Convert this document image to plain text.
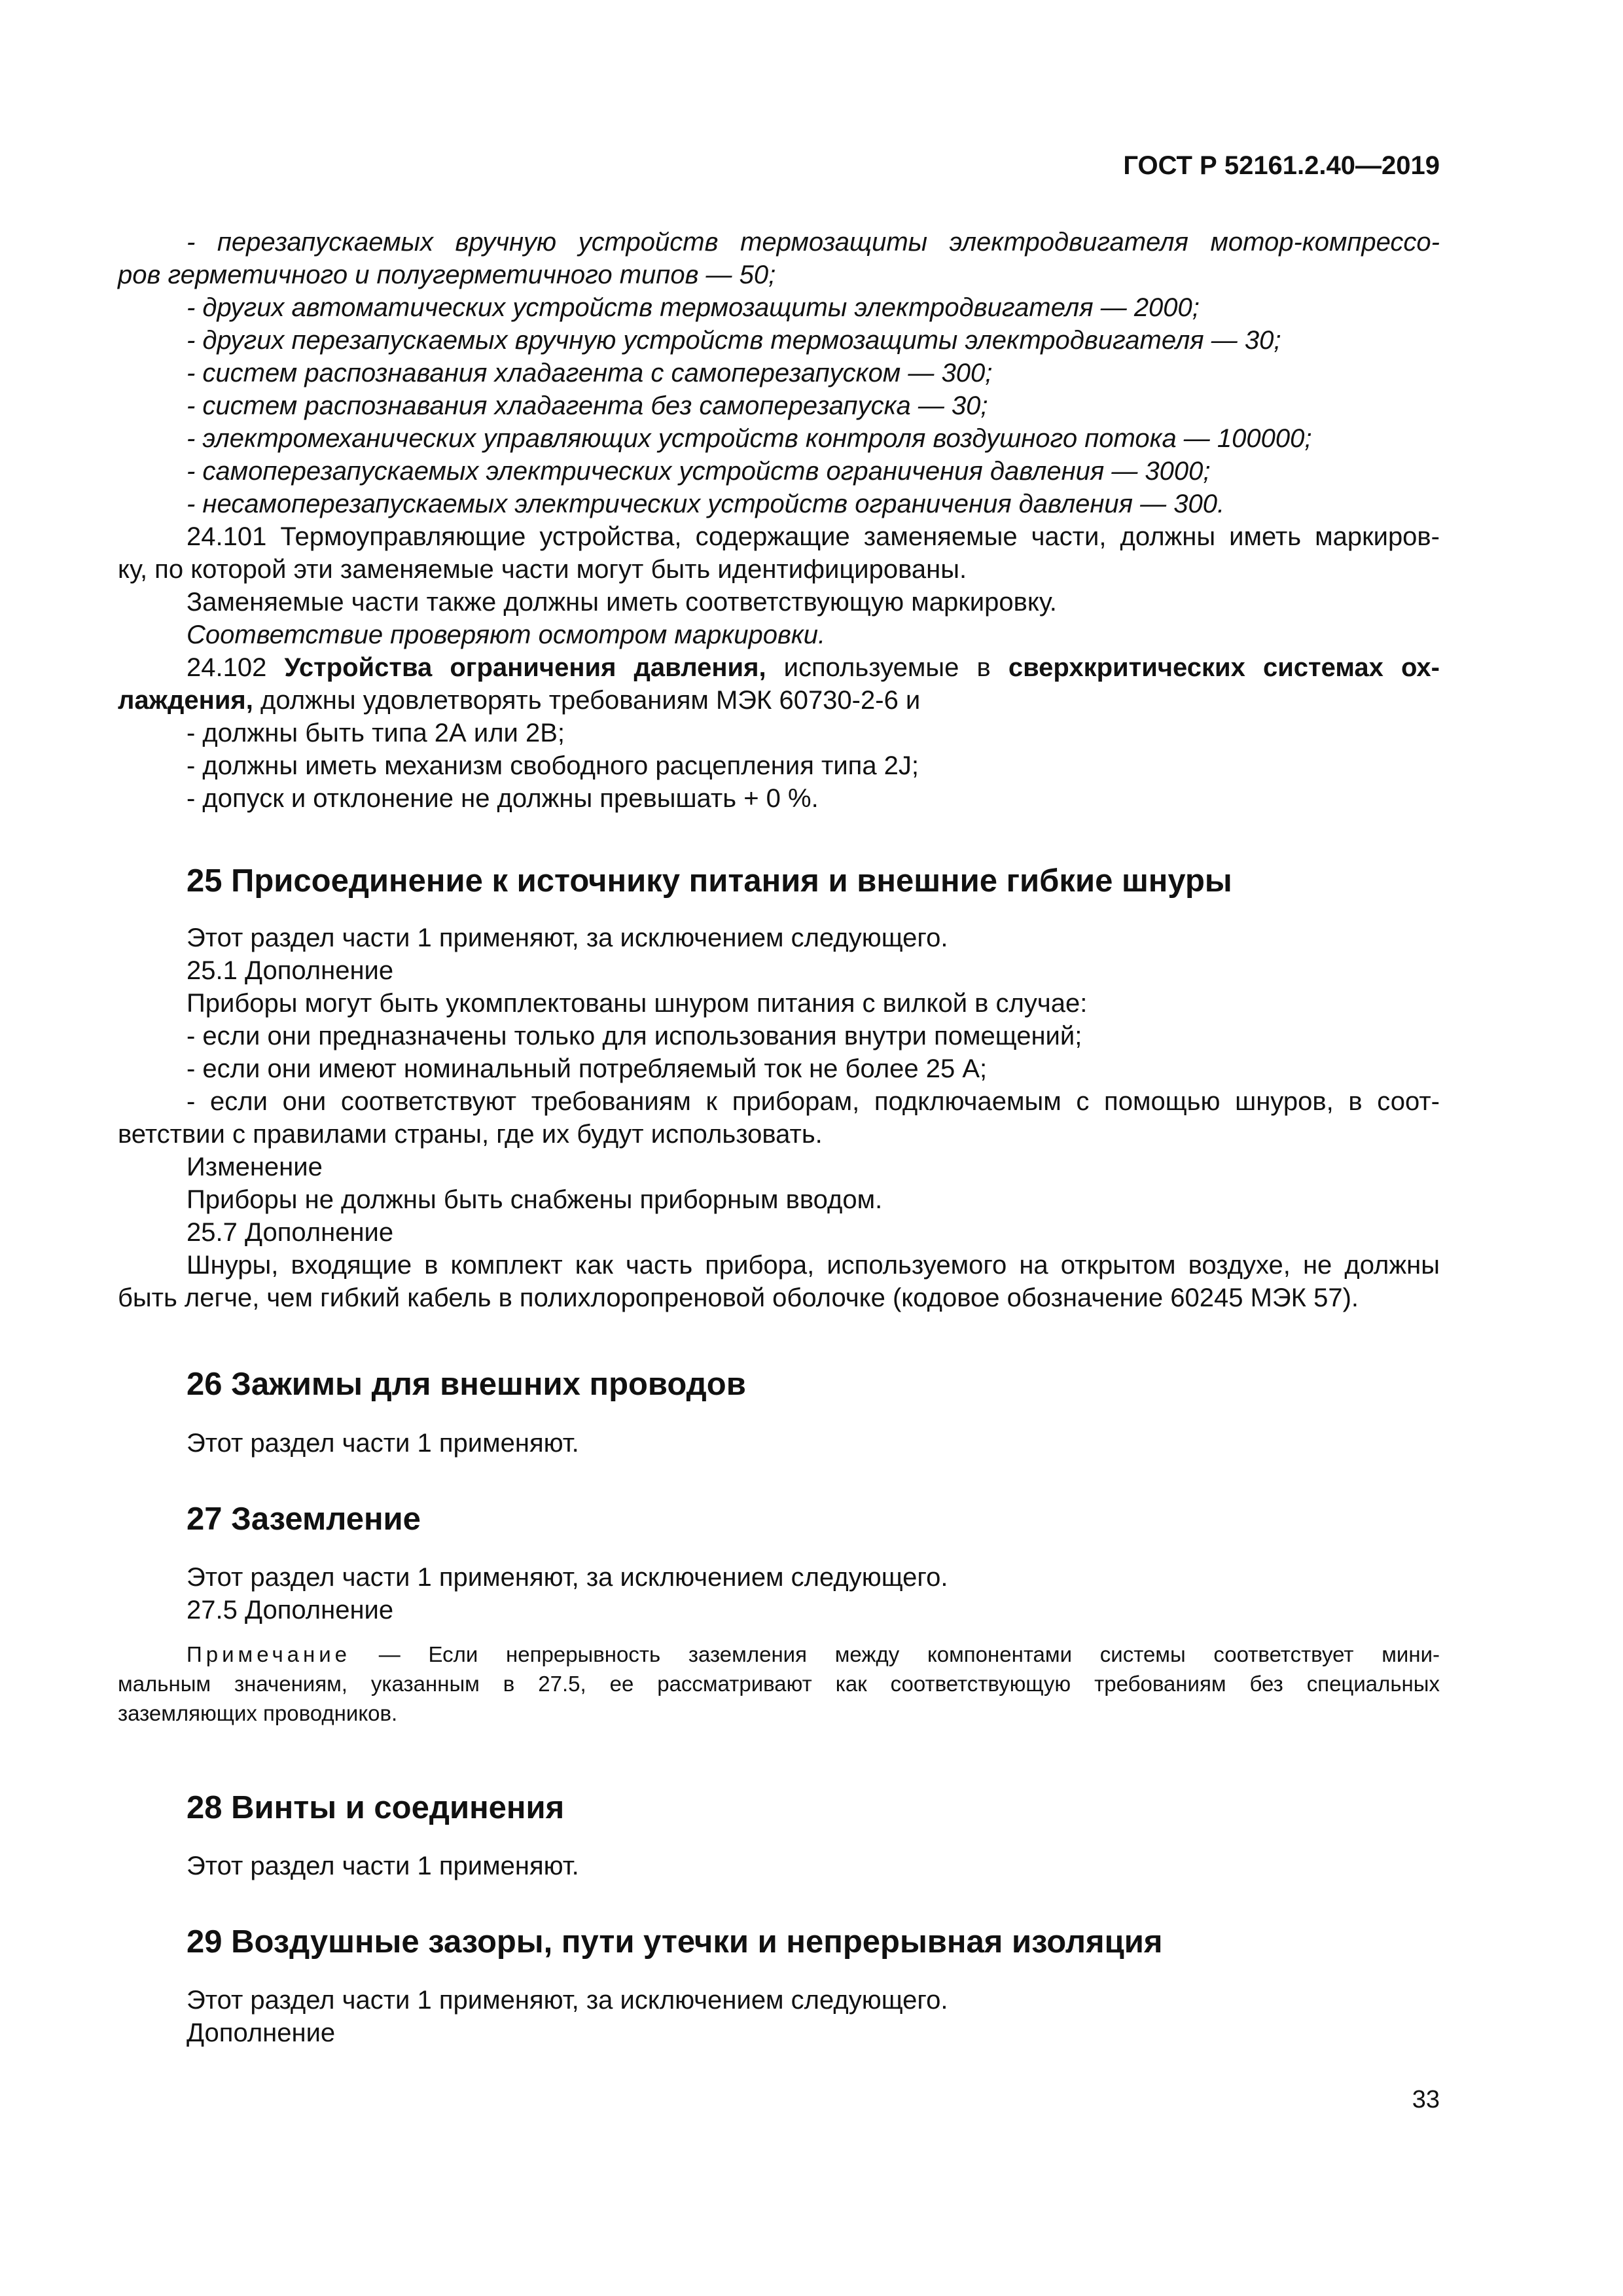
ГОСТ Р 52161.2.40—2019

- перезапускаемых вручную устройств термозащиты электродвигателя мотор-компрессо-

ров герметичного и полугерметичного типов — 50;

- других автоматических устройств термозащиты электродвигателя — 2000;

- других перезапускаемых вручную устройств термозащиты электродвигателя — 30;

- систем распознавания хладагента с самоперезапуском — 300;

- систем распознавания хладагента без самоперезапуска — 30;

- электромеханических управляющих устройств контроля воздушного потока — 100000;

- самоперезапускаемых электрических устройств ограничения давления — 3000;

- несамоперезапускаемых электрических устройств ограничения давления — 300.

24.101 Термоуправляющие устройства, содержащие заменяемые части, должны иметь маркиров-

ку, по которой эти заменяемые части могут быть идентифицированы.

Заменяемые части также должны иметь соответствующую маркировку.

Соответствие проверяют осмотром маркировки.

24.102 Устройства ограничения давления, используемые в сверхкритических системах ох-

лаждения, должны удовлетворять требованиям МЭК 60730-2-6 и

- должны быть типа 2А или 2В;

- должны иметь механизм свободного расцепления типа 2J;

- допуск и отклонение не должны превышать + 0 %.

25 Присоединение к источнику питания и внешние гибкие шнуры

Этот раздел части 1 применяют, за исключением следующего.

25.1 Дополнение

Приборы могут быть укомплектованы шнуром питания с вилкой в случае:

- если они предназначены только для использования внутри помещений;

- если они имеют номинальный потребляемый ток не более 25 А;

- если они соответствуют требованиям к приборам, подключаемым с помощью шнуров, в соот-

ветствии с правилами страны, где их будут использовать.

Изменение

Приборы не должны быть снабжены приборным вводом.

25.7 Дополнение

Шнуры, входящие в комплект как часть прибора, используемого на открытом воздухе, не должны

быть легче, чем гибкий кабель в полихлоропреновой оболочке (кодовое обозначение 60245 МЭК 57).

26 Зажимы для внешних проводов

Этот раздел части 1 применяют.

27 Заземление

Этот раздел части 1 применяют, за исключением следующего.

27.5 Дополнение

Примечание — Если непрерывность заземления между компонентами системы соответствует мини-

мальным значениям, указанным в 27.5, ее рассматривают как соответствующую требованиям без специальных

заземляющих проводников.

28 Винты и соединения

Этот раздел части 1 применяют.

29 Воздушные зазоры, пути утечки и непрерывная изоляция

Этот раздел части 1 применяют, за исключением следующего.

Дополнение

33
